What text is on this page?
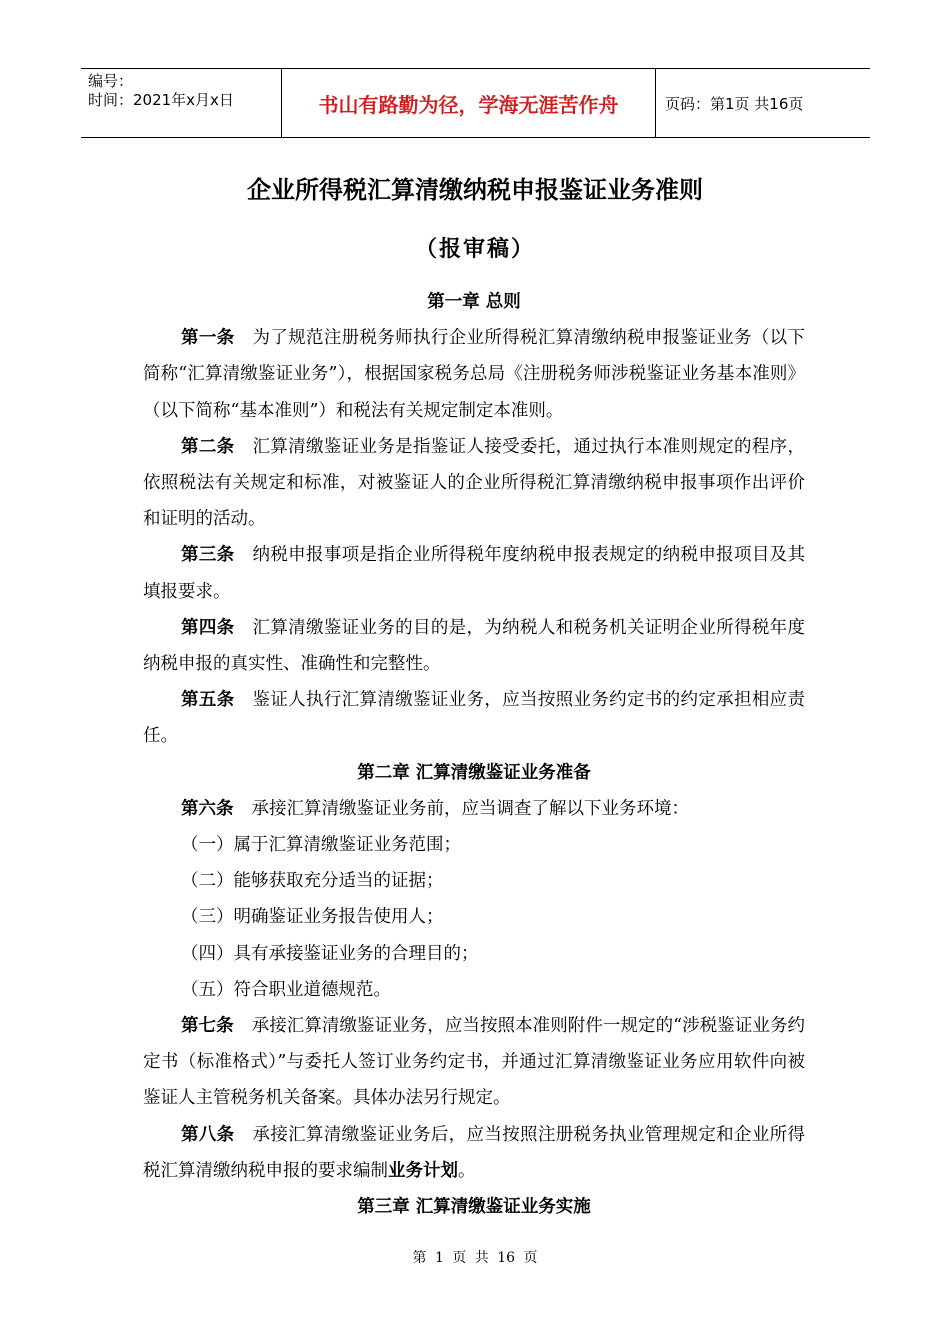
编号：
时间：2021年x月x日	书山有路勤为径，学海无涯苦作舟	页码：第1页 共16页
企业所得税汇算清缴纳税申报鉴证业务准则
（报审稿）
第一章 总则
第一条 为了规范注册税务师执行企业所得税汇算清缴纳税申报鉴证业务（以下简称“汇算清缴鉴证业务”），根据国家税务总局《注册税务师涉税鉴证业务基本准则》（以下简称“基本准则”）和税法有关规定制定本准则。
第二条 汇算清缴鉴证业务是指鉴证人接受委托，通过执行本准则规定的程序，依照税法有关规定和标准，对被鉴证人的企业所得税汇算清缴纳税申报事项作出评价和证明的活动。
第三条 纳税申报事项是指企业所得税年度纳税申报表规定的纳税申报项目及其填报要求。
第四条 汇算清缴鉴证业务的目的是，为纳税人和税务机关证明企业所得税年度纳税申报的真实性、准确性和完整性。
第五条 鉴证人执行汇算清缴鉴证业务，应当按照业务约定书的约定承担相应责任。
第二章 汇算清缴鉴证业务准备
第六条 承接汇算清缴鉴证业务前，应当调查了解以下业务环境：
（一）属于汇算清缴鉴证业务范围；
（二）能够获取充分适当的证据；
（三）明确鉴证业务报告使用人；
（四）具有承接鉴证业务的合理目的；
（五）符合职业道德规范。
第七条 承接汇算清缴鉴证业务，应当按照本准则附件一规定的“涉税鉴证业务约定书（标准格式）”与委托人签订业务约定书，并通过汇算清缴鉴证业务应用软件向被鉴证人主管税务机关备案。具体办法另行规定。
第八条 承接汇算清缴鉴证业务后，应当按照注册税务执业管理规定和企业所得税汇算清缴纳税申报的要求编制业务计划。
第三章 汇算清缴鉴证业务实施
第 1 页 共 16 页
